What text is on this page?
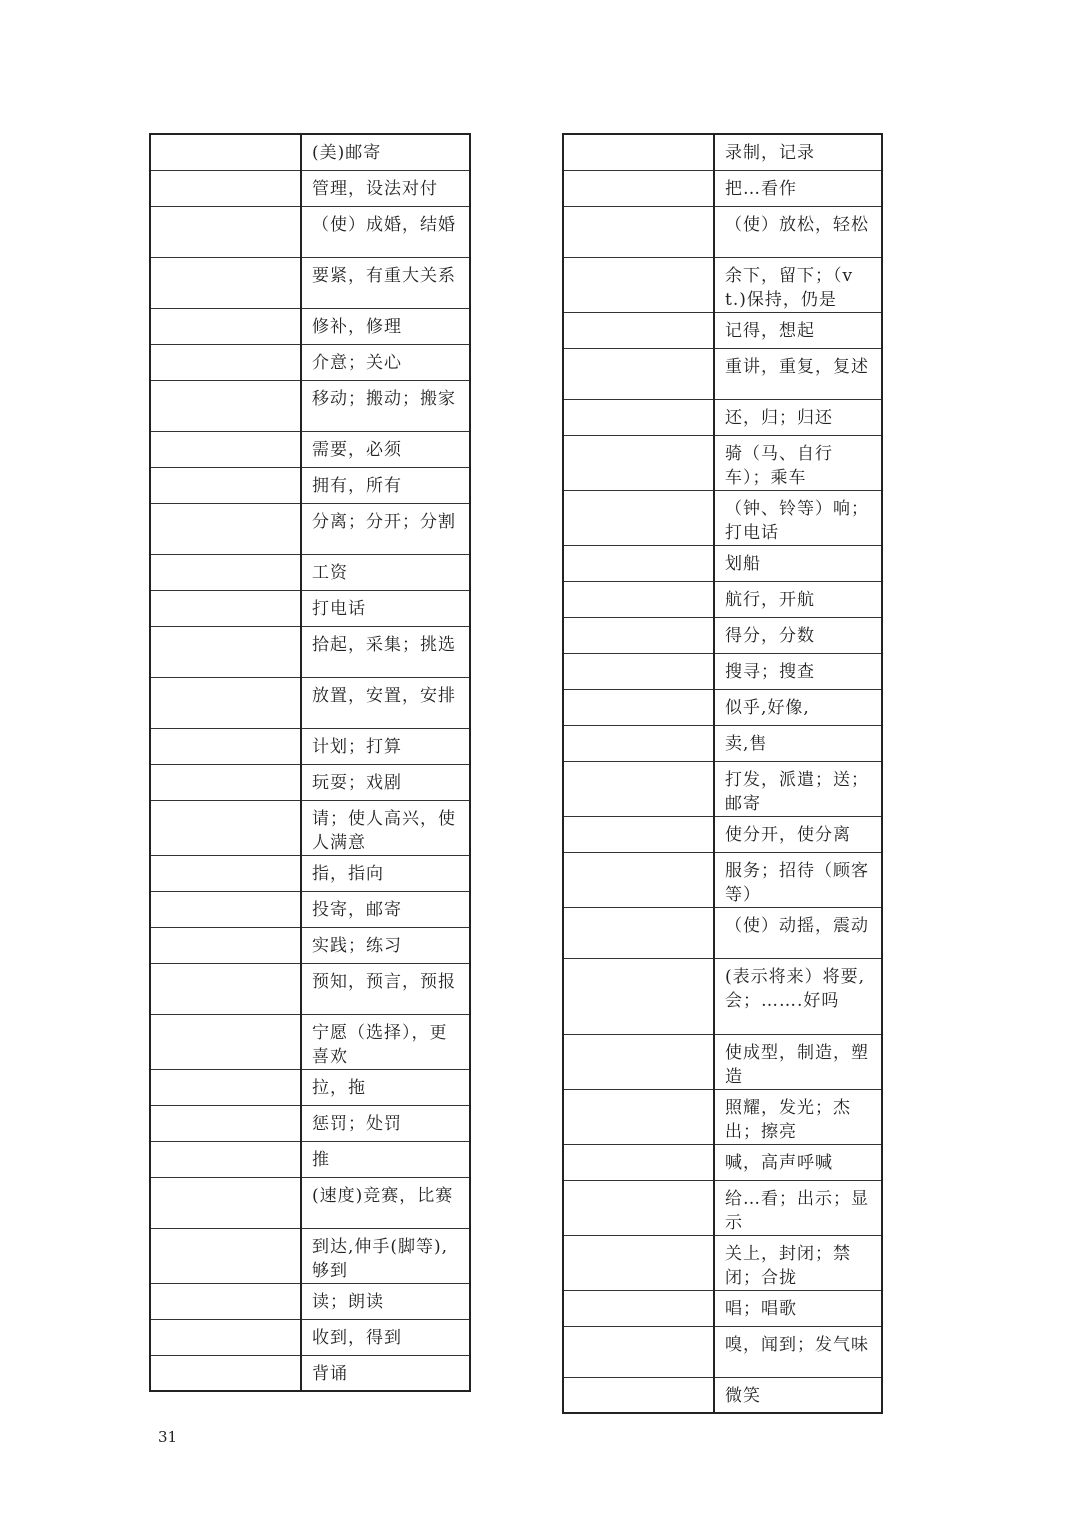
	(美)邮寄
	管理，设法对付
	（使）成婚，结婚
	要紧，有重大关系
	修补，修理
	介意；关心
	移动；搬动；搬家
	需要，必须
	拥有，所有
	分离；分开；分割
	工资
	打电话
	拾起，采集；挑选
	放置，安置，安排
	计划；打算
	玩耍；戏剧
	请；使人高兴，使人满意
	指，指向
	投寄，邮寄
	实践；练习
	预知，预言，预报
	宁愿（选择），更喜欢
	拉，拖
	惩罚；处罚
	推
	(速度)竞赛，比赛
	到达,伸手(脚等),够到
	读；朗读
	收到，得到
	背诵
	录制，记录
	把…看作
	（使）放松，轻松
	余下，留下；（vt.)保持，仍是
	记得，想起
	重讲，重复，复述
	还，归；归还
	骑（马、自行车）；乘车
	（钟、铃等）响；打电话
	划船
	航行，开航
	得分，分数
	搜寻；搜查
	似乎,好像,
	卖,售
	打发，派遣；送；邮寄
	使分开，使分离
	服务；招待（顾客等）
	（使）动摇，震动
	(表示将来）将要,会；…….好吗
	使成型，制造，塑造
	照耀，发光；杰出；擦亮
	喊，高声呼喊
	给…看；出示；显示
	关上，封闭；禁闭；合拢
	唱；唱歌
	嗅，闻到；发气味
	微笑
31
